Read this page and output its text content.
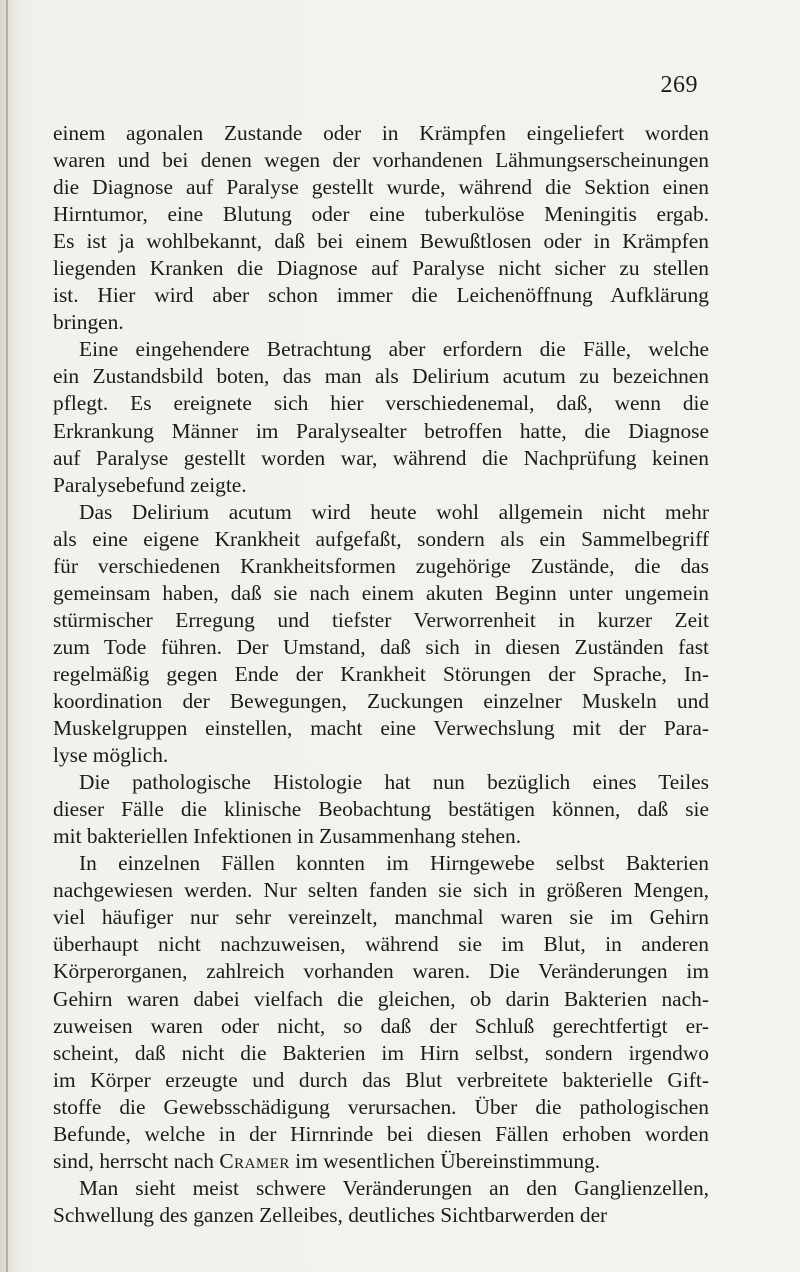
269
einem agonalen Zustande oder in Krämpfen eingeliefert worden
waren und bei denen wegen der vorhandenen Lähmungserscheinungen
die Diagnose auf Paralyse gestellt wurde, während die Sektion einen
Hirntumor, eine Blutung oder eine tuberkulöse Meningitis ergab.
Es ist ja wohlbekannt, daß bei einem Bewußtlosen oder in Krämpfen
liegenden Kranken die Diagnose auf Paralyse nicht sicher zu stellen
ist. Hier wird aber schon immer die Leichenöffnung Aufklärung
bringen.
Eine eingehendere Betrachtung aber erfordern die Fälle, welche
ein Zustandsbild boten, das man als Delirium acutum zu bezeichnen
pflegt. Es ereignete sich hier verschiedenemal, daß, wenn die
Erkrankung Männer im Paralysealter betroffen hatte, die Diagnose
auf Paralyse gestellt worden war, während die Nachprüfung keinen
Paralysebefund zeigte.
Das Delirium acutum wird heute wohl allgemein nicht mehr
als eine eigene Krankheit aufgefaßt, sondern als ein Sammelbegriff
für verschiedenen Krankheitsformen zugehörige Zustände, die das
gemeinsam haben, daß sie nach einem akuten Beginn unter ungemein
stürmischer Erregung und tiefster Verworrenheit in kurzer Zeit
zum Tode führen. Der Umstand, daß sich in diesen Zuständen fast
regelmäßig gegen Ende der Krankheit Störungen der Sprache, In-
koordination der Bewegungen, Zuckungen einzelner Muskeln und
Muskelgruppen einstellen, macht eine Verwechslung mit der Para-
lyse möglich.
Die pathologische Histologie hat nun bezüglich eines Teiles
dieser Fälle die klinische Beobachtung bestätigen können, daß sie
mit bakteriellen Infektionen in Zusammenhang stehen.
In einzelnen Fällen konnten im Hirngewebe selbst Bakterien
nachgewiesen werden. Nur selten fanden sie sich in größeren Mengen,
viel häufiger nur sehr vereinzelt, manchmal waren sie im Gehirn
überhaupt nicht nachzuweisen, während sie im Blut, in anderen
Körperorganen, zahlreich vorhanden waren. Die Veränderungen im
Gehirn waren dabei vielfach die gleichen, ob darin Bakterien nach-
zuweisen waren oder nicht, so daß der Schluß gerechtfertigt er-
scheint, daß nicht die Bakterien im Hirn selbst, sondern irgendwo
im Körper erzeugte und durch das Blut verbreitete bakterielle Gift-
stoffe die Gewebsschädigung verursachen. Über die pathologischen
Befunde, welche in der Hirnrinde bei diesen Fällen erhoben worden
sind, herrscht nach Cramer im wesentlichen Übereinstimmung.
Man sieht meist schwere Veränderungen an den Ganglienzellen,
Schwellung des ganzen Zelleibes, deutliches Sichtbarwerden der
